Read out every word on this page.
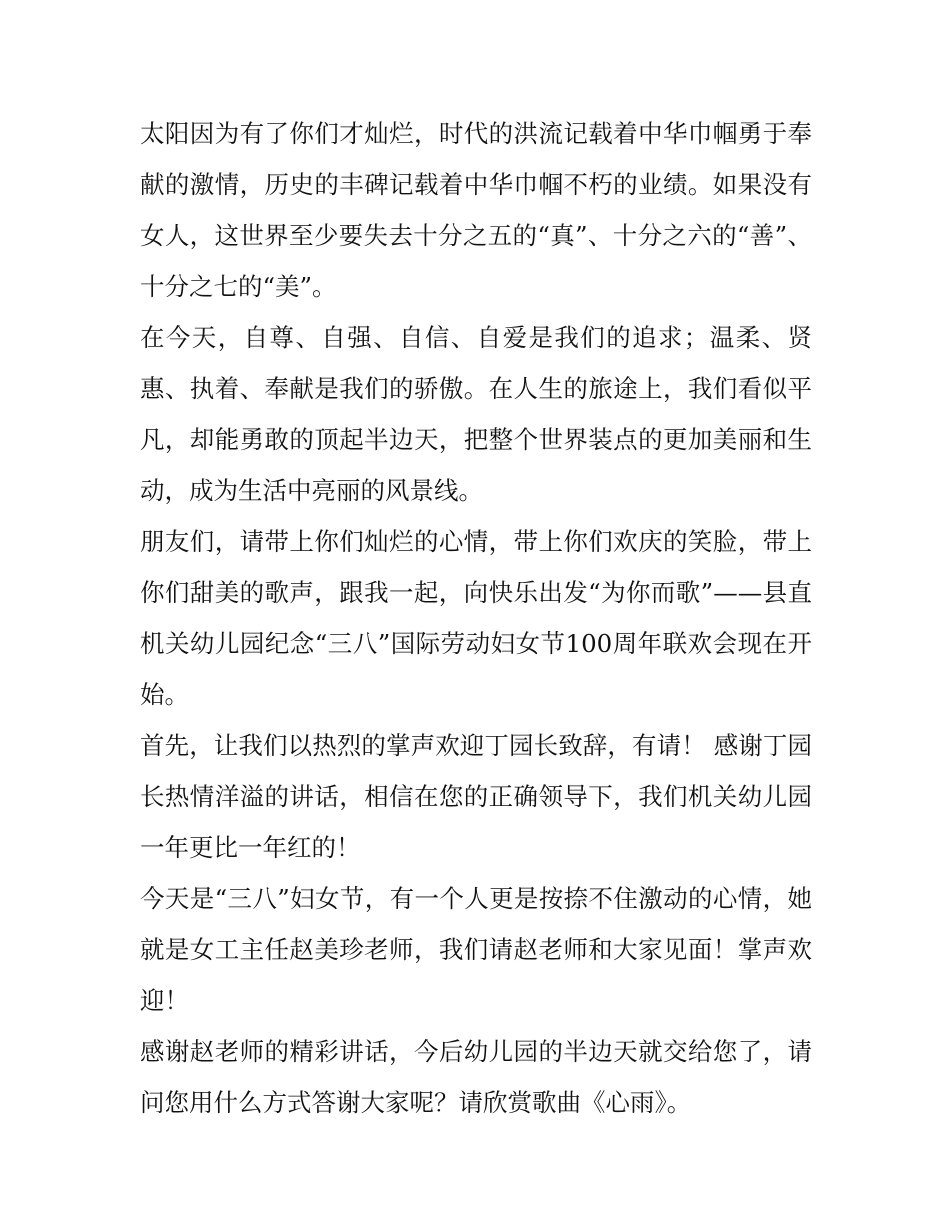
太阳因为有了你们才灿烂，时代的洪流记载着中华巾帼勇于奉献的激情，历史的丰碑记载着中华巾帼不朽的业绩。如果没有女人，这世界至少要失去十分之五的“真”、十分之六的“善”、十分之七的“美”。

在今天，自尊、自强、自信、自爱是我们的追求；温柔、贤惠、执着、奉献是我们的骄傲。在人生的旅途上，我们看似平凡，却能勇敢的顶起半边天，把整个世界装点的更加美丽和生动，成为生活中亮丽的风景线。

朋友们，请带上你们灿烂的心情，带上你们欢庆的笑脸，带上你们甜美的歌声，跟我一起，向快乐出发“为你而歌”——县直机关幼儿园纪念“三八”国际劳动妇女节100周年联欢会现在开始。

首先，让我们以热烈的掌声欢迎丁园长致辞，有请！ 感谢丁园长热情洋溢的讲话，相信在您的正确领导下，我们机关幼儿园一年更比一年红的！

今天是“三八”妇女节，有一个人更是按捺不住激动的心情，她就是女工主任赵美珍老师，我们请赵老师和大家见面！掌声欢迎！

感谢赵老师的精彩讲话，今后幼儿园的半边天就交给您了，请问您用什么方式答谢大家呢？请欣赏歌曲《心雨》。
